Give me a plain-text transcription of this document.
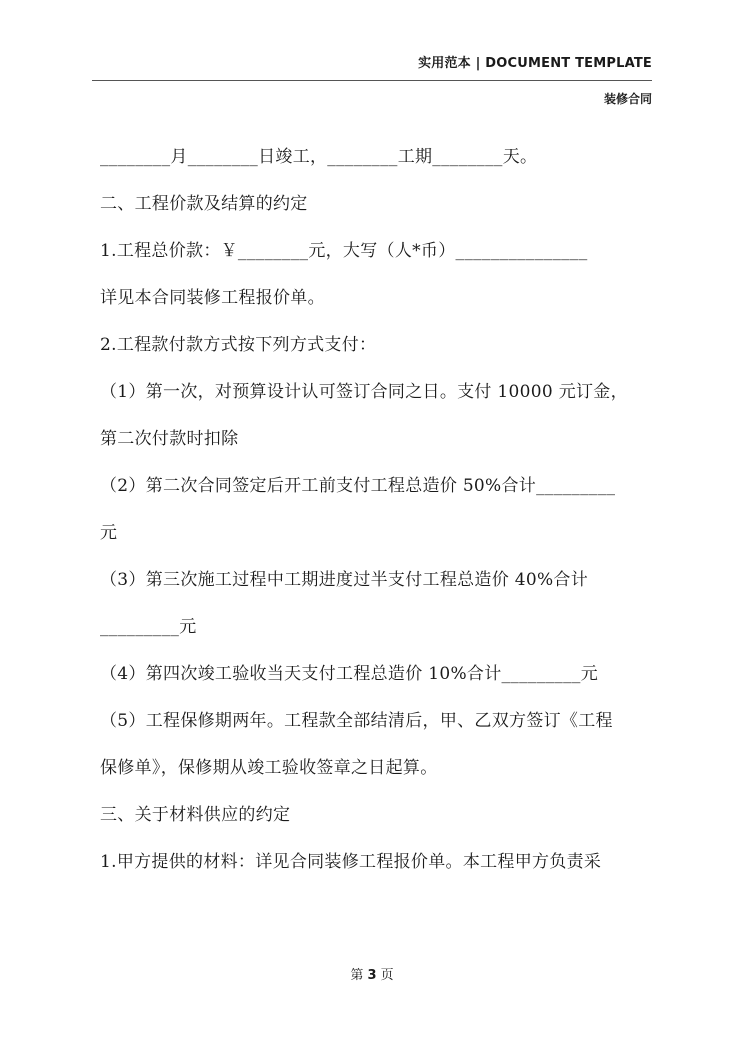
实用范本 | DOCUMENT TEMPLATE
装修合同

________月________日竣工，________工期________天。

二、工程价款及结算的约定

1.工程总价款：￥________元，大写（人*币）_______________

详见本合同装修工程报价单。

2.工程款付款方式按下列方式支付：

（1）第一次，对预算设计认可签订合同之日。支付 10000 元订金，

第二次付款时扣除

（2）第二次合同签定后开工前支付工程总造价 50%合计_________

元

（3）第三次施工过程中工期进度过半支付工程总造价 40%合计

_________元

（4）第四次竣工验收当天支付工程总造价 10%合计_________元

（5）工程保修期两年。工程款全部结清后，甲、乙双方签订《工程

保修单》，保修期从竣工验收签章之日起算。

三、关于材料供应的约定

1.甲方提供的材料：详见合同装修工程报价单。本工程甲方负责采

第 3 页
